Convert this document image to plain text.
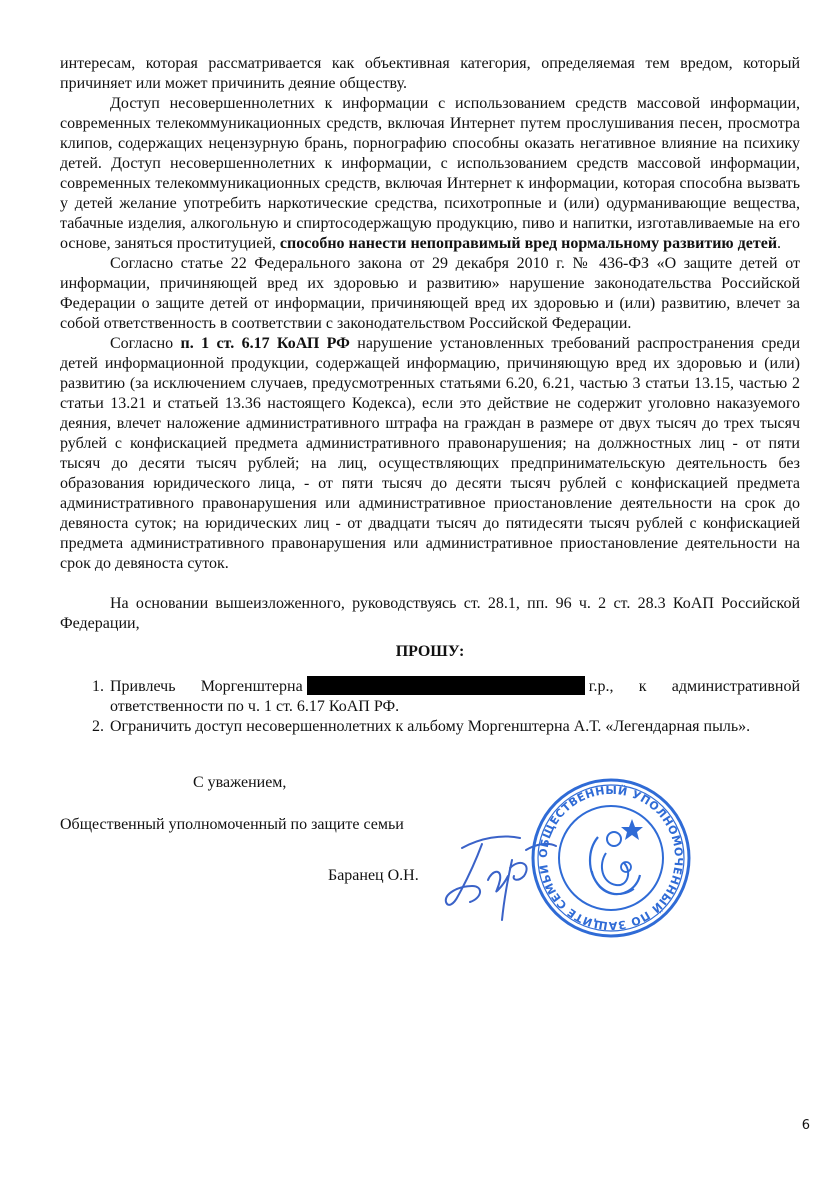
интересам, которая рассматривается как объективная категория, определяемая тем вредом, который причиняет или может причинить деяние обществу.

Доступ несовершеннолетних к информации с использованием средств массовой информации, современных телекоммуникационных средств, включая Интернет путем прослушивания песен, просмотра клипов, содержащих нецензурную брань, порнографию способны оказать негативное влияние на психику детей. Доступ несовершеннолетних к информации, с использованием средств массовой информации, современных телекоммуникационных средств, включая Интернет к информации, которая способна вызвать у детей желание употребить наркотические средства, психотропные и (или) одурманивающие вещества, табачные изделия, алкогольную и спиртосодержащую продукцию, пиво и напитки, изготавливаемые на его основе, заняться проституцией, способно нанести непоправимый вред нормальному развитию детей.

Согласно статье 22 Федерального закона от 29 декабря 2010 г. № 436-ФЗ «О защите детей от информации, причиняющей вред их здоровью и развитию» нарушение законодательства Российской Федерации о защите детей от информации, причиняющей вред их здоровью и (или) развитию, влечет за собой ответственность в соответствии с законодательством Российской Федерации.

Согласно п. 1 ст. 6.17 КоАП РФ нарушение установленных требований распространения среди детей информационной продукции, содержащей информацию, причиняющую вред их здоровью и (или) развитию (за исключением случаев, предусмотренных статьями 6.20, 6.21, частью 3 статьи 13.15, частью 2 статьи 13.21 и статьей 13.36 настоящего Кодекса), если это действие не содержит уголовно наказуемого деяния, влечет наложение административного штрафа на граждан в размере от двух тысяч до трех тысяч рублей с конфискацией предмета административного правонарушения; на должностных лиц - от пяти тысяч до десяти тысяч рублей; на лиц, осуществляющих предпринимательскую деятельность без образования юридического лица, - от пяти тысяч до десяти тысяч рублей с конфискацией предмета административного правонарушения или административное приостановление деятельности на срок до девяноста суток; на юридических лиц - от двадцати тысяч до пятидесяти тысяч рублей с конфискацией предмета административного правонарушения или административное приостановление деятельности на срок до девяноста суток.

На основании вышеизложенного, руководствуясь ст. 28.1, пп. 96 ч. 2 ст. 28.3 КоАП Российской Федерации,

ПРОШУ:

1. Привлечь Моргенштерна	г.р., к административной ответственности по ч. 1 ст. 6.17 КоАП РФ.
2. Ограничить доступ несовершеннолетних к альбому Моргенштерна А.Т. «Легендарная пыль».
С уважением,
Общественный уполномоченный по защите семьи
Баранец О.Н.
ОБЩЕСТВЕННЫЙ УПОЛНОМОЧЕННЫЙ ПО ЗАЩИТЕ СЕМЬИ
6
